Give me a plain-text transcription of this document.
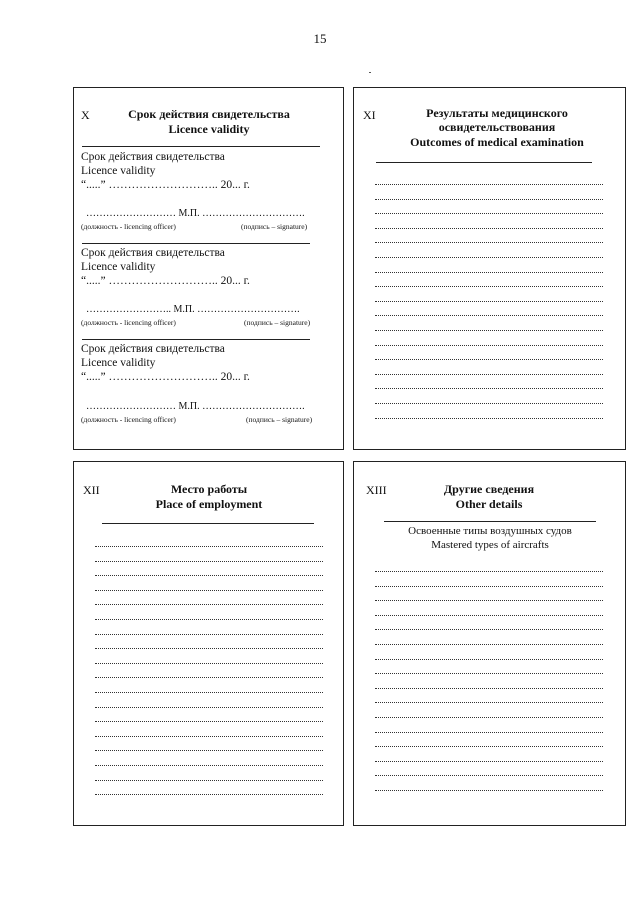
15
X	Срок действия свидетельства
Licence validity
Срок действия свидетельства
Licence validity
“.....” ……………………….. 20... г.
……………………… М.П. ………………………….
(должность - licencing officer)	(подпись – signature)
Срок действия свидетельства
Licence validity
“.....” ……………………….. 20... г.
…………………….. М.П. ………………………….
(должность - licencing officer)	(подпись – signature)
Срок действия свидетельства
Licence validity
“.....” ……………………….. 20... г.
……………………… М.П. ………………………….
(должность - licencing officer)	(подпись – signature)
XI	Результаты медицинского
освидетельствования
Outcomes of medical examination
XII	Место работы
Place of employment
XIII	Другие сведения
Other details
Освоенные типы воздушных судов
Mastered types of aircrafts
